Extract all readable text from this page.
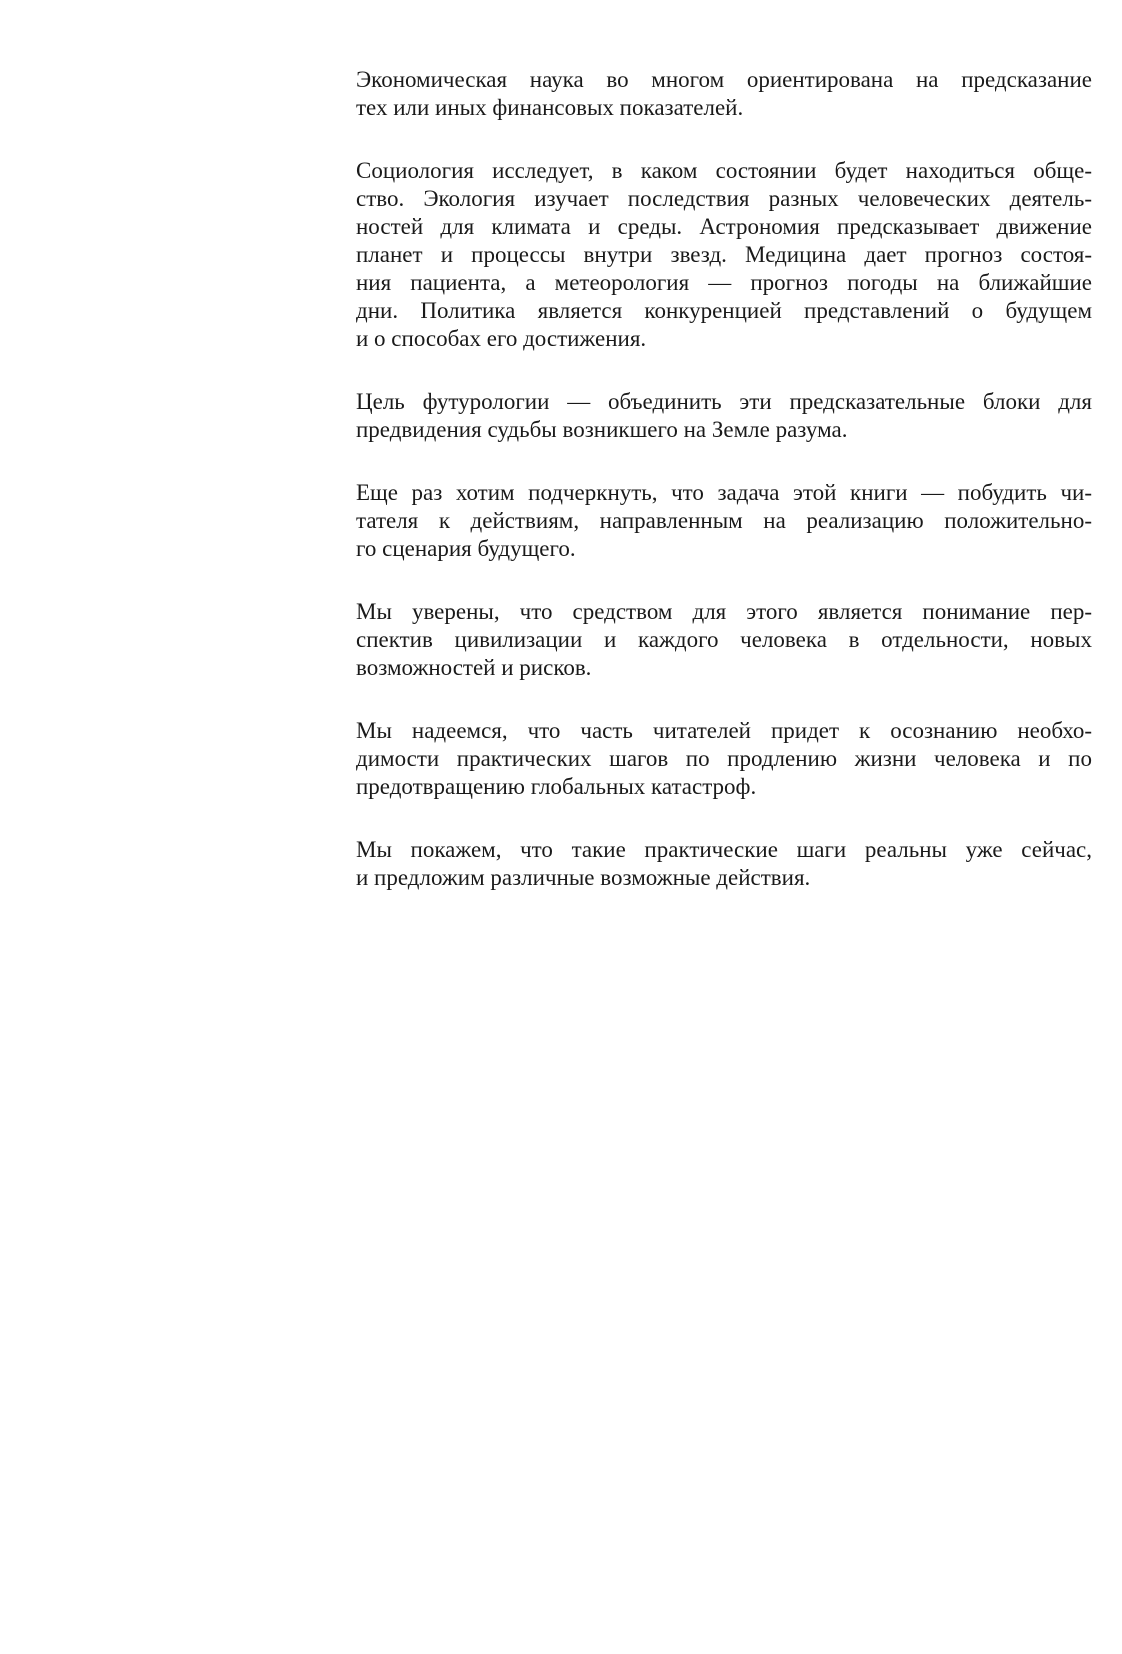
Экономическая наука во многом ориентирована на предсказание
тех или иных финансовых показателей.

Социология исследует, в каком состоянии будет находиться обще-
ство. Экология изучает последствия разных человеческих деятель-
ностей для климата и среды. Астрономия предсказывает движение
планет и процессы внутри звезд. Медицина дает прогноз состоя-
ния пациента, а метеорология — прогноз погоды на ближайшие
дни. Политика является конкуренцией представлений о будущем
и о способах его достижения.

Цель футурологии — объединить эти предсказательные блоки для
предвидения судьбы возникшего на Земле разума.

Еще раз хотим подчеркнуть, что задача этой книги — побудить чи-
тателя к действиям, направленным на реализацию положительно-
го сценария будущего.

Мы уверены, что средством для этого является понимание пер-
спектив цивилизации и каждого человека в отдельности, новых
возможностей и рисков.

Мы надеемся, что часть читателей придет к осознанию необхо-
димости практических шагов по продлению жизни человека и по
предотвращению глобальных катастроф.

Мы покажем, что такие практические шаги реальны уже сейчас,
и предложим различные возможные действия.
